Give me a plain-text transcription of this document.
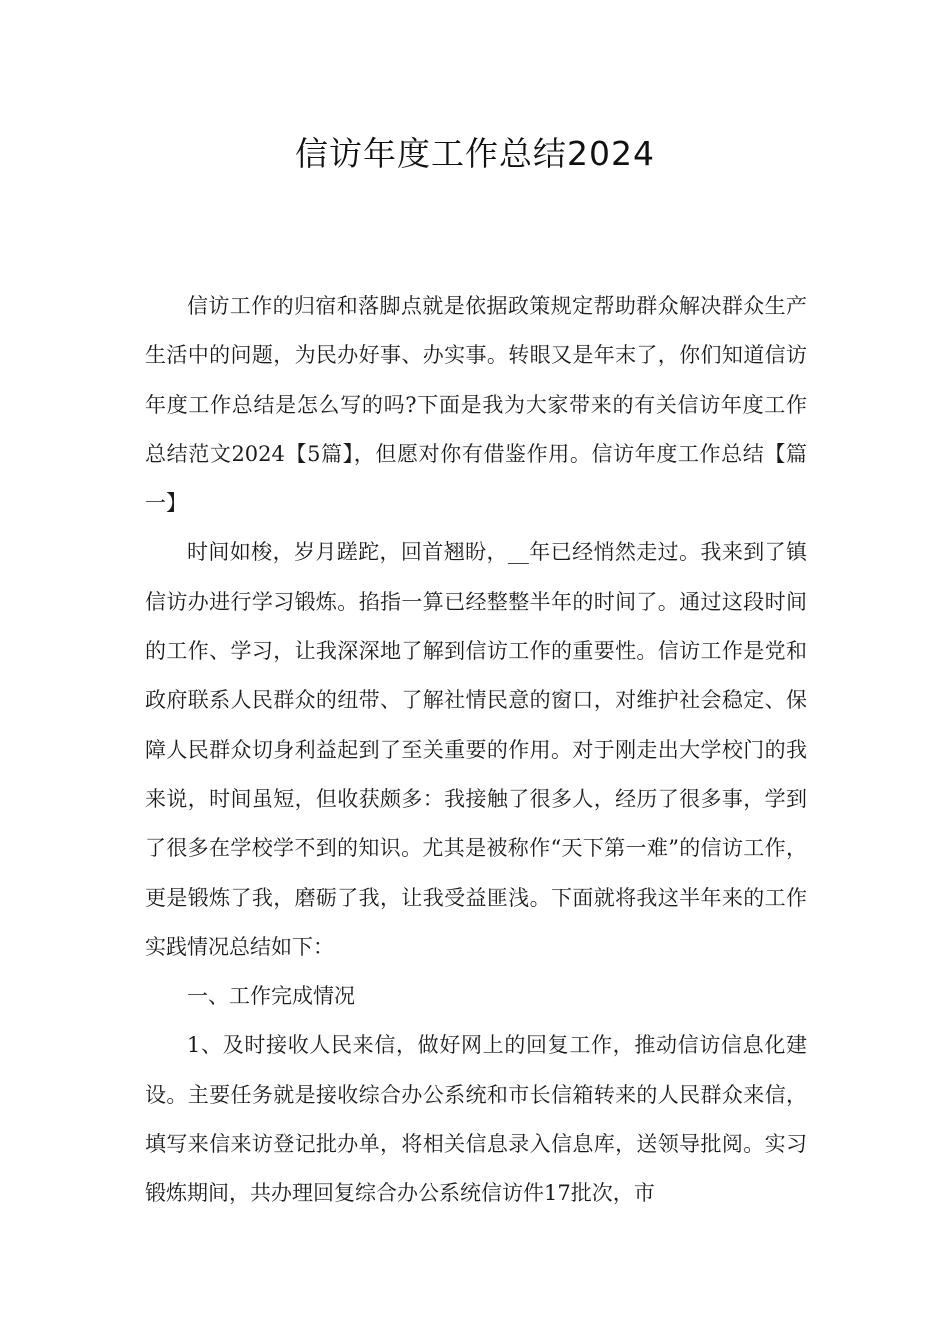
信访年度工作总结2024

信访工作的归宿和落脚点就是依据政策规定帮助群众解决群众生产生活中的问题，为民办好事、办实事。转眼又是年末了，你们知道信访年度工作总结是怎么写的吗?下面是我为大家带来的有关信访年度工作总结范文2024【5篇】，但愿对你有借鉴作用。信访年度工作总结【篇一】

时间如梭，岁月蹉跎，回首翘盼，__年已经悄然走过。我来到了镇信访办进行学习锻炼。掐指一算已经整整半年的时间了。通过这段时间的工作、学习，让我深深地了解到信访工作的重要性。信访工作是党和政府联系人民群众的纽带、了解社情民意的窗口，对维护社会稳定、保障人民群众切身利益起到了至关重要的作用。对于刚走出大学校门的我来说，时间虽短，但收获颇多：我接触了很多人，经历了很多事，学到了很多在学校学不到的知识。尤其是被称作“天下第一难”的信访工作，更是锻炼了我，磨砺了我，让我受益匪浅。下面就将我这半年来的工作实践情况总结如下：

一、工作完成情况

1、及时接收人民来信，做好网上的回复工作，推动信访信息化建设。主要任务就是接收综合办公系统和市长信箱转来的人民群众来信，填写来信来访登记批办单，将相关信息录入信息库，送领导批阅。实习锻炼期间，共办理回复综合办公系统信访件17批次，市
